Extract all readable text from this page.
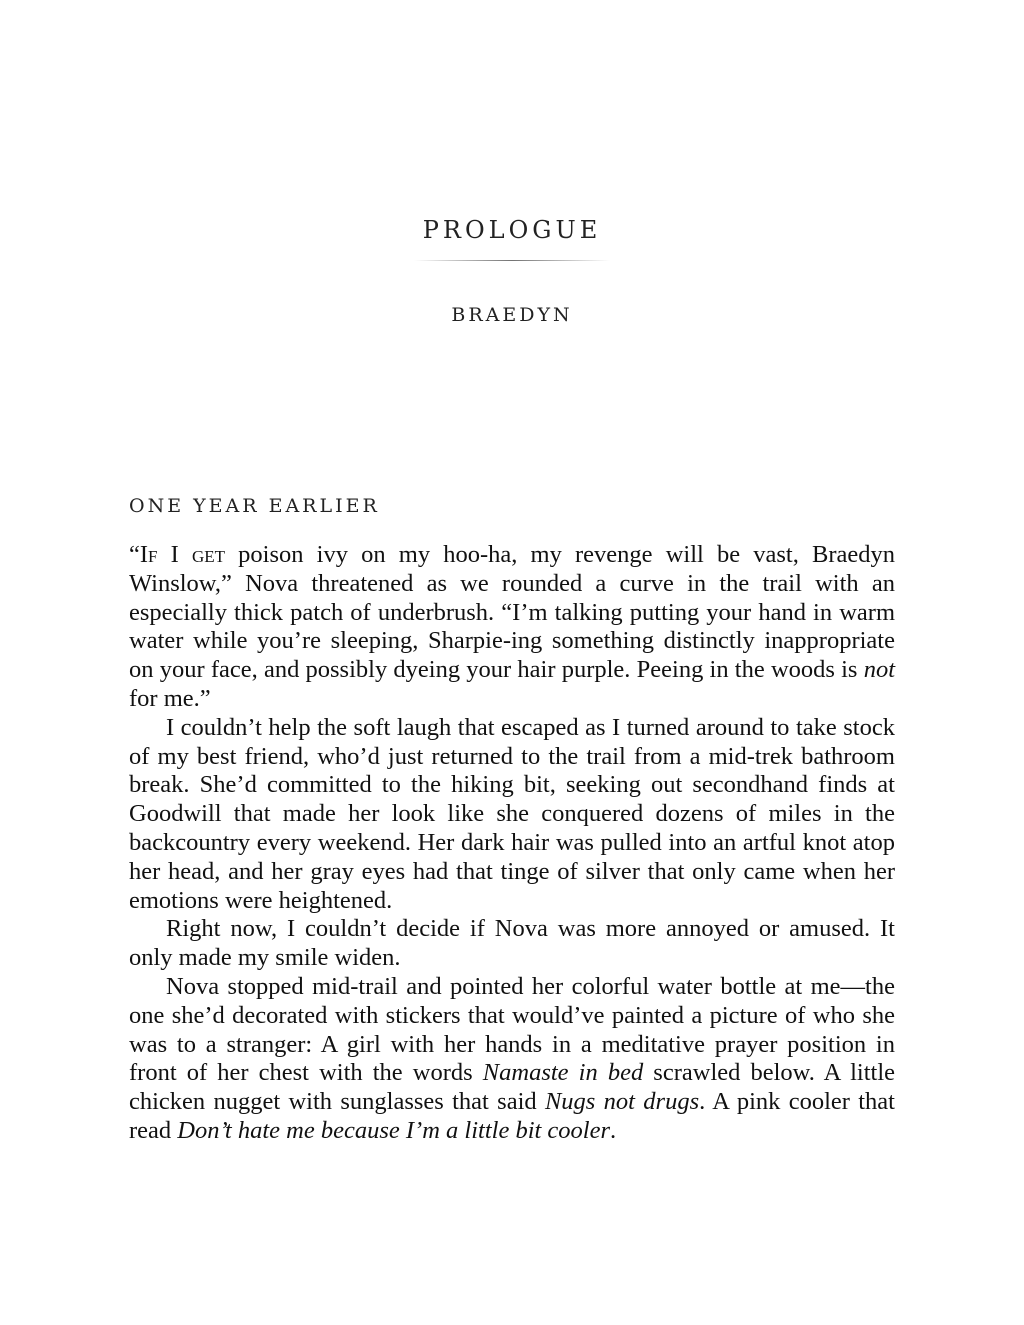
PROLOGUE
BRAEDYN
ONE YEAR EARLIER

“If I get poison ivy on my hoo-ha, my revenge will be vast, Braedyn Winslow,” Nova threatened as we rounded a curve in the trail with an especially thick patch of underbrush. “I’m talking putting your hand in warm water while you’re sleeping, Sharpie-ing something distinctly inappropriate on your face, and possibly dyeing your hair purple. Peeing in the woods is not for me.”

I couldn’t help the soft laugh that escaped as I turned around to take stock of my best friend, who’d just returned to the trail from a mid-trek bathroom break. She’d committed to the hiking bit, seeking out secondhand finds at Goodwill that made her look like she conquered dozens of miles in the backcountry every weekend. Her dark hair was pulled into an artful knot atop her head, and her gray eyes had that tinge of silver that only came when her emotions were heightened.

Right now, I couldn’t decide if Nova was more annoyed or amused. It only made my smile widen.

Nova stopped mid-trail and pointed her colorful water bottle at me—the one she’d decorated with stickers that would’ve painted a picture of who she was to a stranger: A girl with her hands in a meditative prayer position in front of her chest with the words Namaste in bed scrawled below. A little chicken nugget with sunglasses that said Nugs not drugs. A pink cooler that read Don’t hate me because I’m a little bit cooler.
